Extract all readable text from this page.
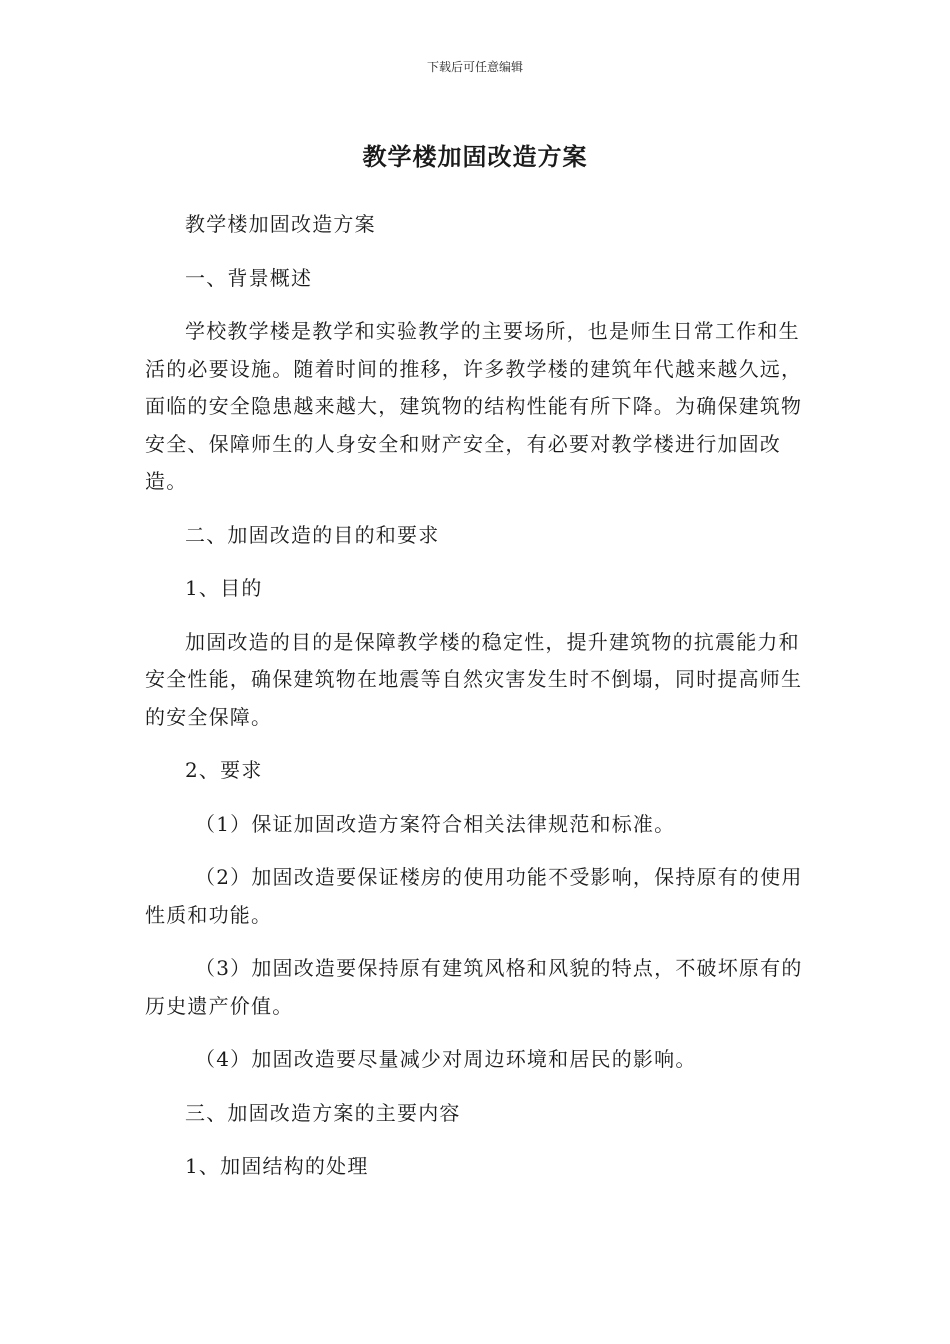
下载后可任意编辑
教学楼加固改造方案

教学楼加固改造方案

一、背景概述

学校教学楼是教学和实验教学的主要场所，也是师生日常工作和生活的必要设施。随着时间的推移，许多教学楼的建筑年代越来越久远，面临的安全隐患越来越大，建筑物的结构性能有所下降。为确保建筑物安全、保障师生的人身安全和财产安全，有必要对教学楼进行加固改造。

二、加固改造的目的和要求

1、目的

加固改造的目的是保障教学楼的稳定性，提升建筑物的抗震能力和安全性能，确保建筑物在地震等自然灾害发生时不倒塌，同时提高师生的安全保障。

2、要求

（1）保证加固改造方案符合相关法律规范和标准。

（2）加固改造要保证楼房的使用功能不受影响，保持原有的使用性质和功能。

（3）加固改造要保持原有建筑风格和风貌的特点，不破坏原有的历史遗产价值。

（4）加固改造要尽量减少对周边环境和居民的影响。

三、加固改造方案的主要内容

1、加固结构的处理
